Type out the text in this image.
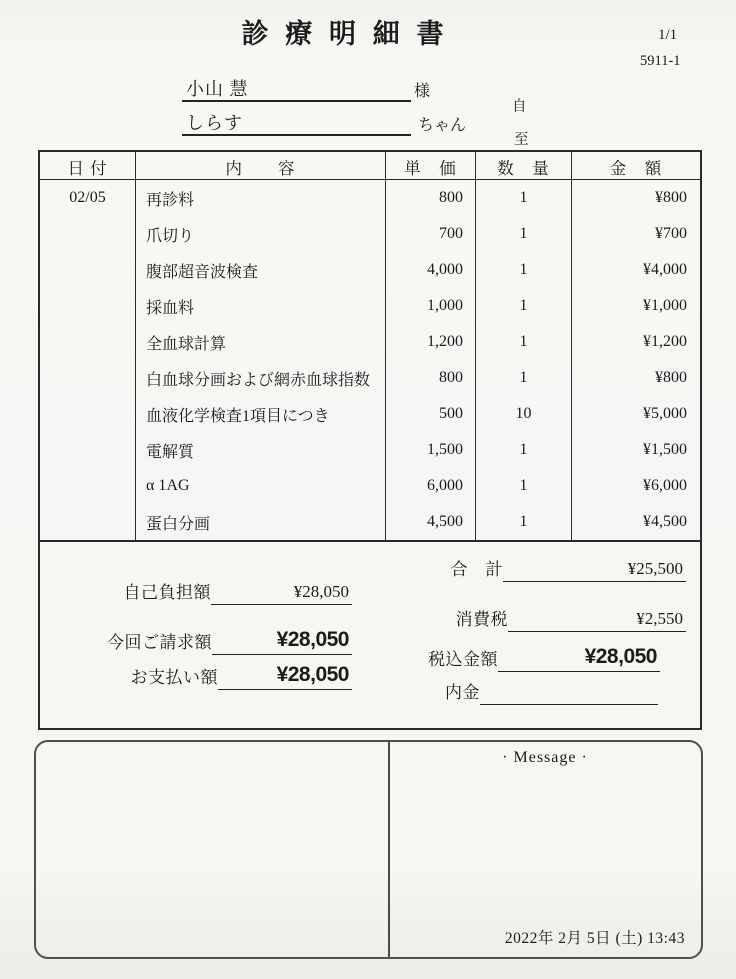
診 療 明 細 書	1/1
5911-1
小山 慧	様
しらす	ちゃん
自
至
日 付	内　　容	単　価	数　量	金　額
02/05	再診料	800	1	¥800
爪切り	700	1	¥700
腹部超音波検査	4,000	1	¥4,000
採血料	1,000	1	¥1,000
全血球計算	1,200	1	¥1,200
白血球分画および網赤血球指数	800	1	¥800
血液化学検査1項目につき	500	10	¥5,000
電解質	1,500	1	¥1,500
α 1AG	6,000	1	¥6,000
蛋白分画	4,500	1	¥4,500
自己負担額	¥28,050
今回ご請求額	¥28,050
お支払い額	¥28,050
合　計	¥25,500
消費税	¥2,550
税込金額	¥28,050
内金
· Message ·
2022年 2月 5日 (土) 13:43
